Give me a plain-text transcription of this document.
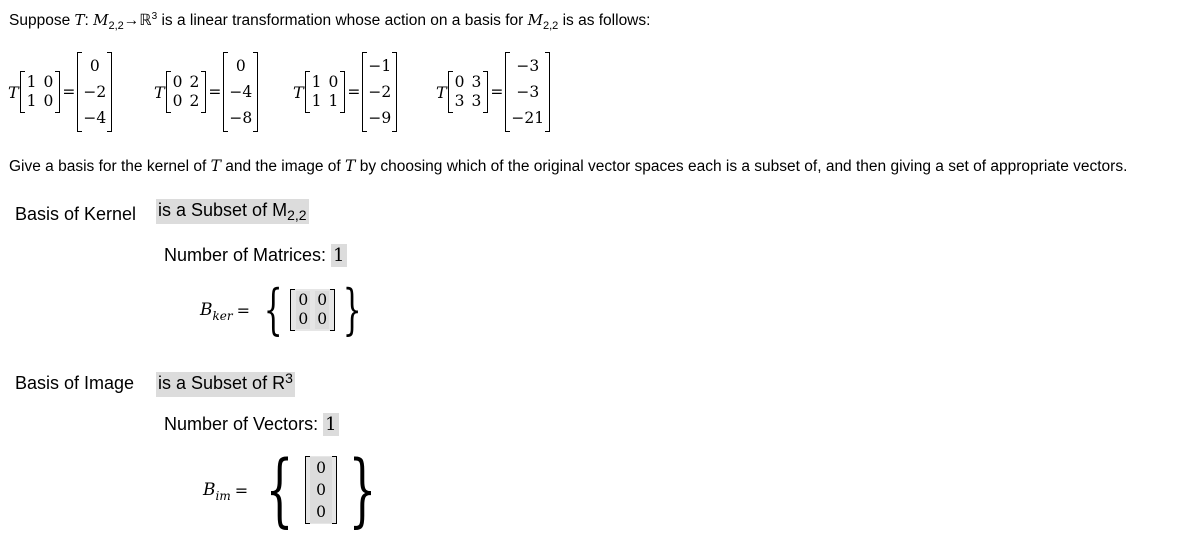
Suppose T: $M_{2,2}\to ℝ^3$ is a linear transformation whose action on a basis for $M_{2,2}$ is as follows:
T
1 0
1 0 =
0
−2
−4
T
0 2
0 2 =
0
−4
−8
T
1 0
1 1 =
−1
−2
−9
T
0 3
3 3 =
−3
−3
−21
Give a basis for the kernel of T and the image of T by choosing which of the original vector spaces each is a subset of, and then giving a set of appropriate vectors.
Basis of Kernel is a Subset of $M_{2,2}$
Number of Matrices: 1
B ker = { 0 0
0 0 }
Basis of Image is a Subset of $R^3$
Number of Vectors: 1
B im = {	0
0
0 }
